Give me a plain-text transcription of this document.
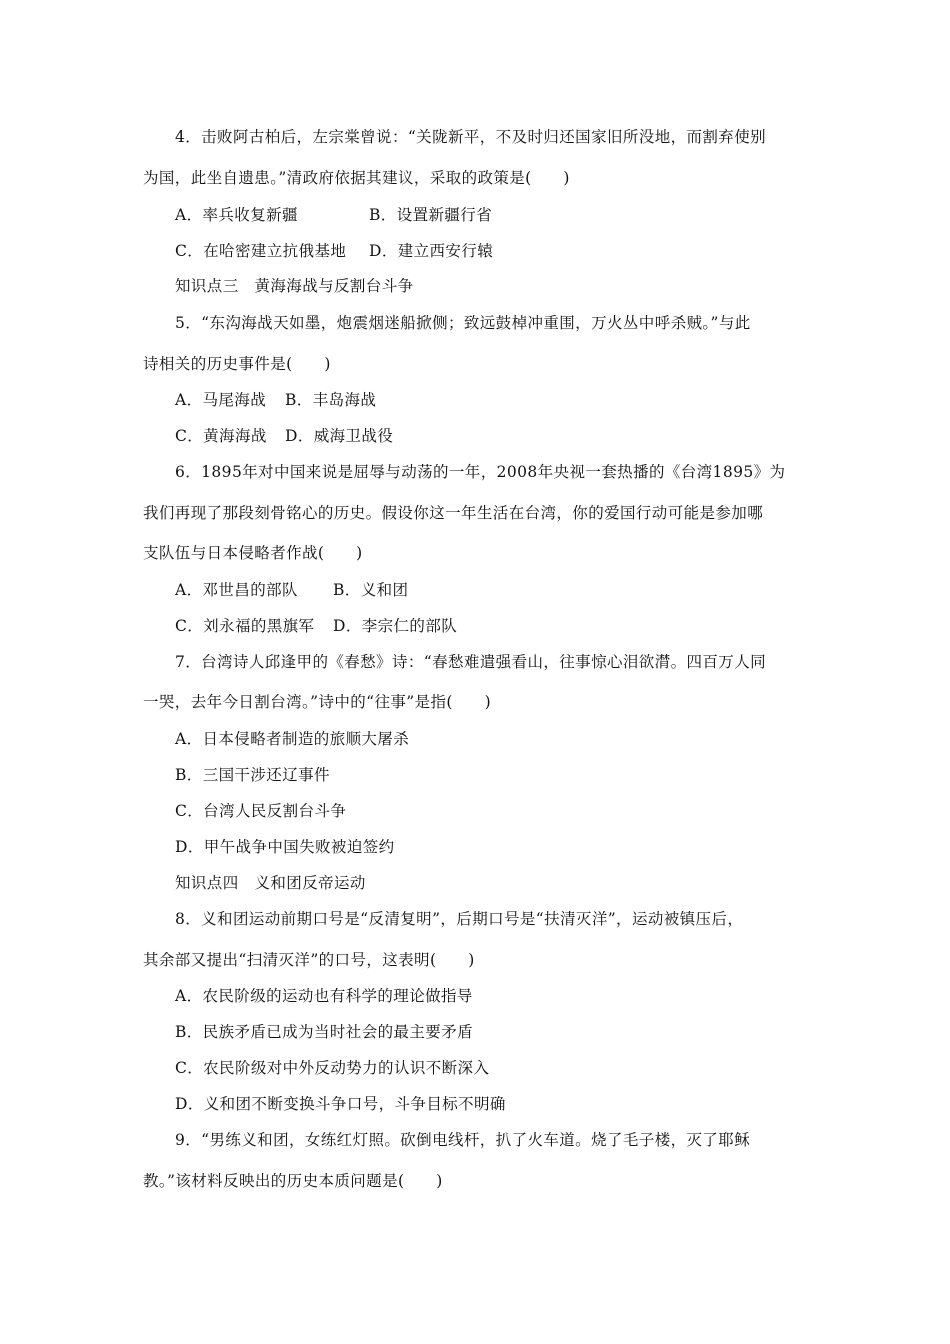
4．击败阿古柏后，左宗棠曾说：“关陇新平，不及时归还国家旧所没地，而割弃使别
为国，此坐自遗患。”清政府依据其建议，采取的政策是(　　)
A．率兵收复新疆	B．设置新疆行省
C．在哈密建立抗俄基地 D．建立西安行辕
知识点三　黄海海战与反割台斗争
5．“东沟海战天如墨，炮震烟迷船掀侧；致远鼓棹冲重围，万火丛中呼杀贼。”与此
诗相关的历史事件是(　　)
A．马尾海战 B．丰岛海战
C．黄海海战 D．威海卫战役
6．1895年对中国来说是屈辱与动荡的一年，2008年央视一套热播的《台湾1895》为
我们再现了那段刻骨铭心的历史。假设你这一年生活在台湾，你的爱国行动可能是参加哪
支队伍与日本侵略者作战(　　)
A．邓世昌的部队 B．义和团
C．刘永福的黑旗军 D．李宗仁的部队
7．台湾诗人邱逢甲的《春愁》诗：“春愁难遣强看山，往事惊心泪欲潸。四百万人同
一哭，去年今日割台湾。”诗中的“往事”是指(　　)
A．日本侵略者制造的旅顺大屠杀
B．三国干涉还辽事件
C．台湾人民反割台斗争
D．甲午战争中国失败被迫签约
知识点四　义和团反帝运动
8．义和团运动前期口号是“反清复明”，后期口号是“扶清灭洋”，运动被镇压后，
其余部又提出“扫清灭洋”的口号，这表明(　　)
A．农民阶级的运动也有科学的理论做指导
B．民族矛盾已成为当时社会的最主要矛盾
C．农民阶级对中外反动势力的认识不断深入
D．义和团不断变换斗争口号，斗争目标不明确
9．“男练义和团，女练红灯照。砍倒电线杆，扒了火车道。烧了毛子楼，灭了耶稣
教。”该材料反映出的历史本质问题是(　　)
